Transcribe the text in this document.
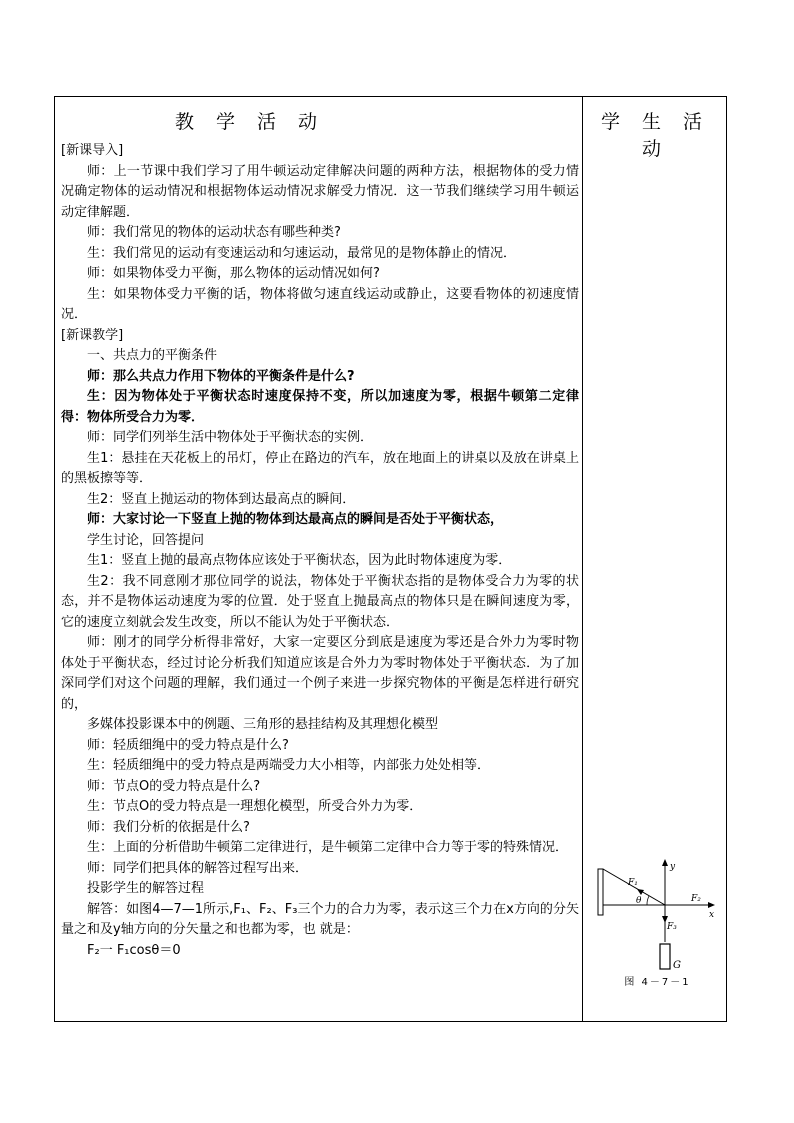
教 学 活 动	学 生 活 动
[新课导入]
师：上一节课中我们学习了用牛顿运动定律解决问题的两种方法，根据物体的受力情况确定物体的运动情况和根据物体运动情况求解受力情况．这一节我们继续学习用牛顿运动定律解题．
师：我们常见的物体的运动状态有哪些种类?
生：我们常见的运动有变速运动和匀速运动，最常见的是物体静止的情况．
师：如果物体受力平衡，那么物体的运动情况如何?
生：如果物体受力平衡的话，物体将做匀速直线运动或静止，这要看物体的初速度情况．
[新课教学]
一、共点力的平衡条件
师：那么共点力作用下物体的平衡条件是什么?
生：因为物体处于平衡状态时速度保持不变，所以加速度为零，根据牛顿第二定律得：物体所受合力为零．
师：同学们列举生活中物体处于平衡状态的实例．
生1：悬挂在天花板上的吊灯，停止在路边的汽车，放在地面上的讲桌以及放在讲桌上的黑板擦等等．
生2：竖直上抛运动的物体到达最高点的瞬间．
师：大家讨论一下竖直上抛的物体到达最高点的瞬间是否处于平衡状态，
学生讨论，回答提问
生1：竖直上抛的最高点物体应该处于平衡状态，因为此时物体速度为零．
生2：我不同意刚才那位同学的说法，物体处于平衡状态指的是物体受合力为零的状态，并不是物体运动速度为零的位置．处于竖直上抛最高点的物体只是在瞬间速度为零，它的速度立刻就会发生改变，所以不能认为处于平衡状态．
师：刚才的同学分析得非常好，大家一定要区分到底是速度为零还是合外力为零时物体处于平衡状态，经过讨论分析我们知道应该是合外力为零时物体处于平衡状态．为了加深同学们对这个问题的理解，我们通过一个例子来进一步探究物体的平衡是怎样进行研究的，
多媒体投影课本中的例题、三角形的悬挂结构及其理想化模型
师：轻质细绳中的受力特点是什么?
生：轻质细绳中的受力特点是两端受力大小相等，内部张力处处相等．
师：节点O的受力特点是什么?
生：节点O的受力特点是一理想化模型，所受合外力为零．
师：我们分析的依据是什么?
生：上面的分析借助牛顿第二定律进行，是牛顿第二定律中合力等于零的特殊情况．
师：同学们把具体的解答过程写出来．
投影学生的解答过程
解答：如图4—7—1所示,F₁、F₂、F₃三个力的合力为零，表示这三个力在x方向的分矢量之和及y轴方向的分矢量之和也都为零，也 就是：
F₂一 F₁cosθ＝0
y
x
F₁
F₂
F₃
θ
G
图 4－7－1
